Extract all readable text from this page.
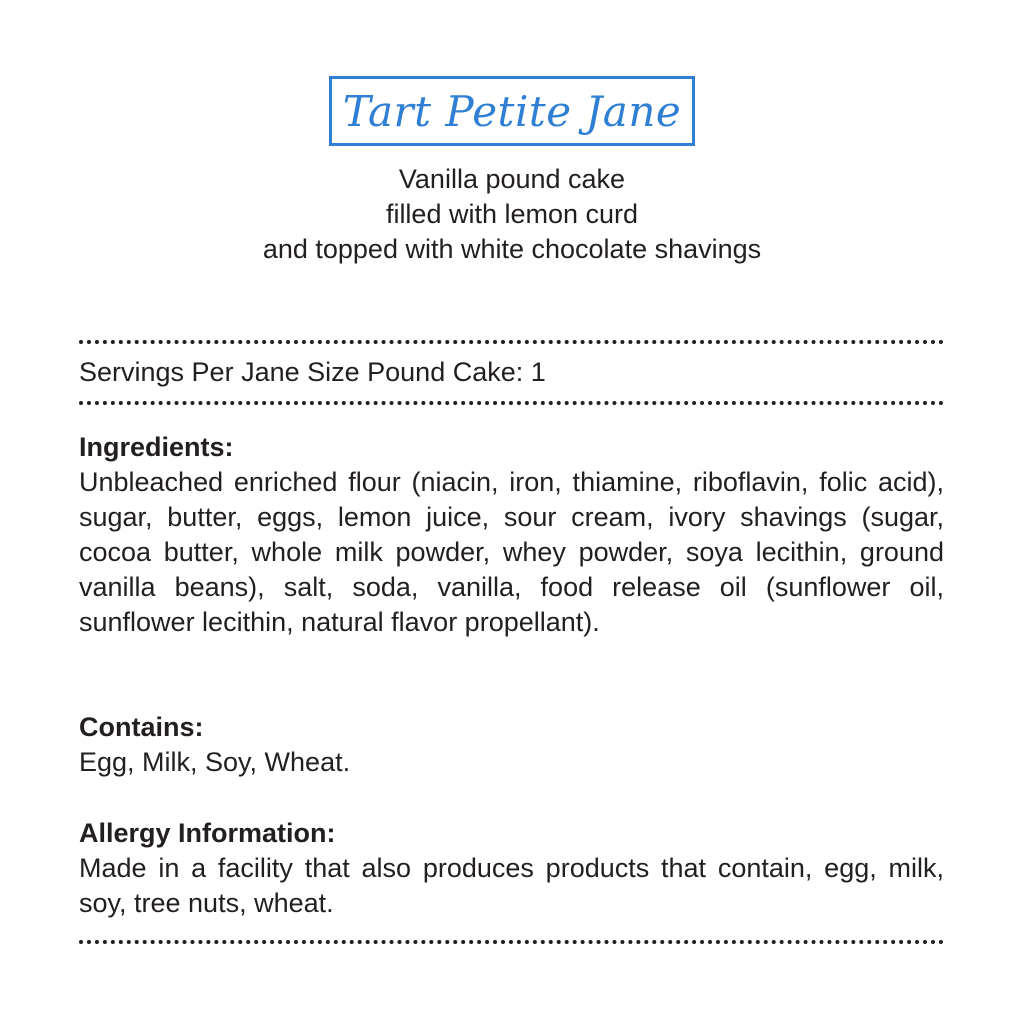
Tart Petite Jane
Vanilla pound cake
filled with lemon curd
and topped with white chocolate shavings
Servings Per Jane Size Pound Cake: 1
Ingredients:
Unbleached enriched flour (niacin, iron, thiamine, riboflavin, folic acid), sugar, butter, eggs, lemon juice, sour cream, ivory shavings (sugar, cocoa butter, whole milk powder, whey powder, soya lecithin, ground vanilla beans), salt, soda, vanilla, food release oil (sunflower oil, sunflower lecithin, natural flavor propellant).
Contains:
Egg, Milk, Soy, Wheat.
Allergy Information:
Made in a facility that also produces products that contain, egg, milk, soy, tree nuts, wheat.
